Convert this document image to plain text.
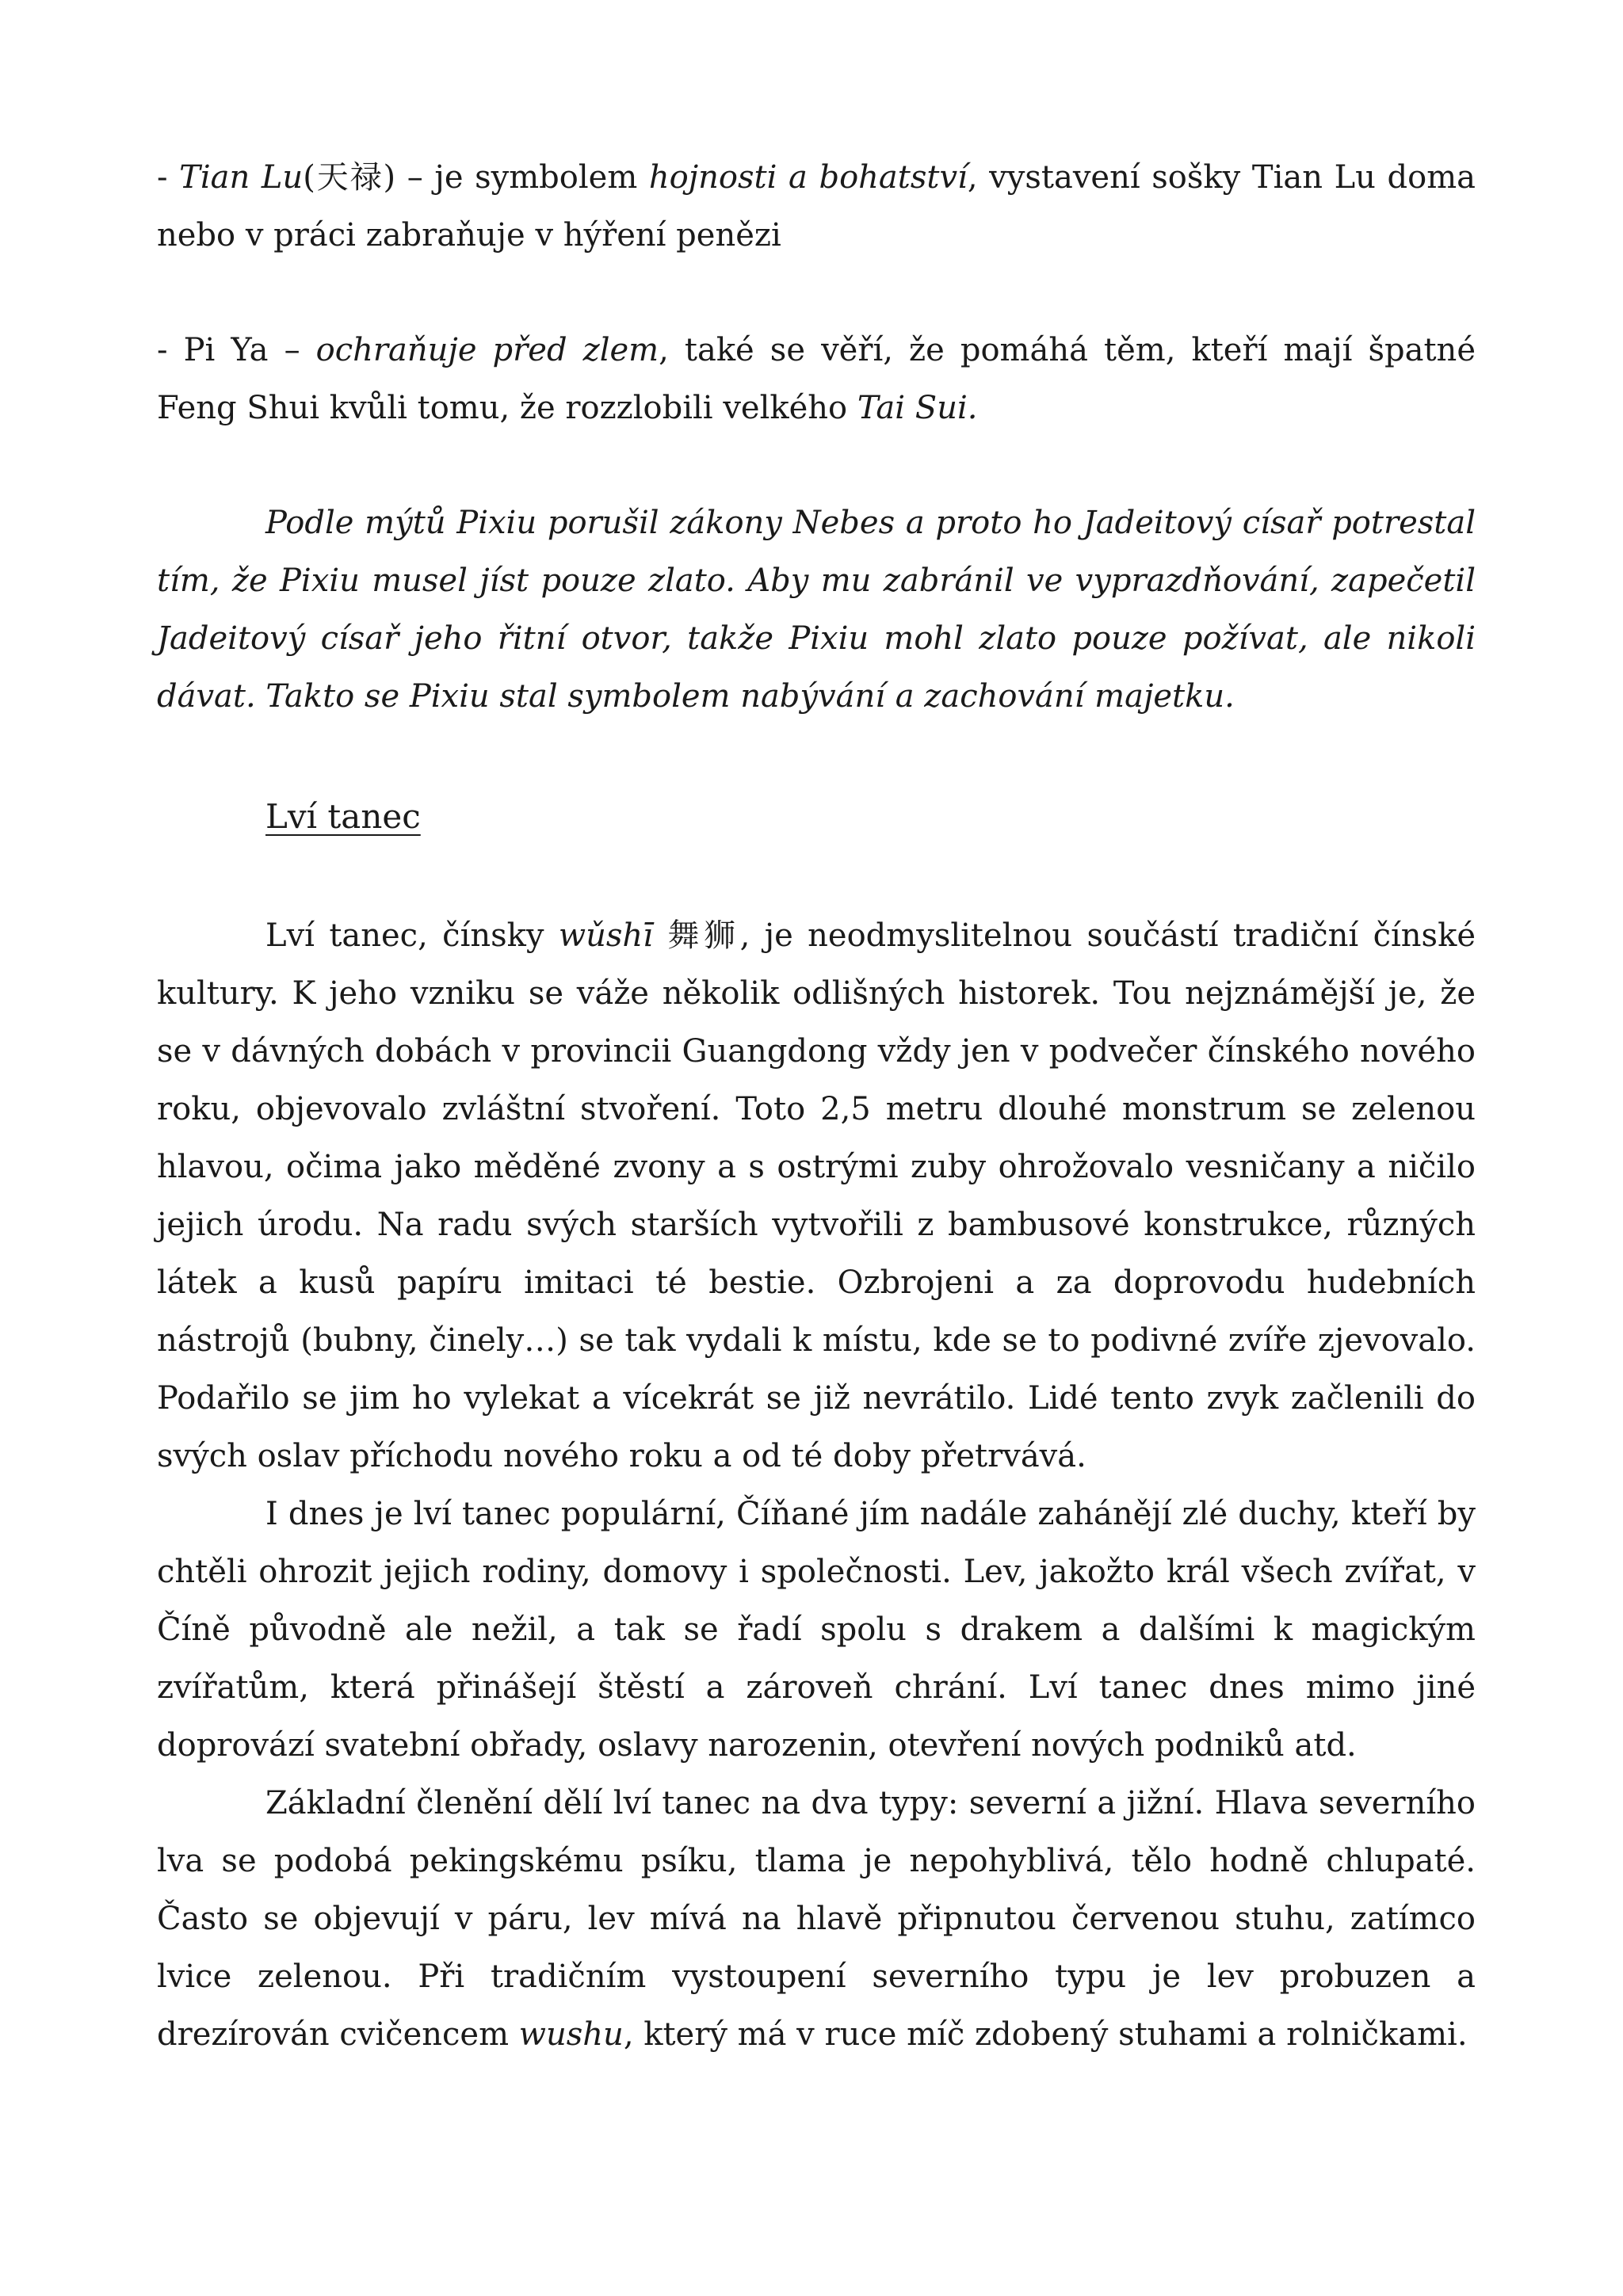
- Tian Lu(天禄) – je symbolem hojnosti a bohatství, vystavení sošky Tian Lu doma nebo v práci zabraňuje v hýření penězi

- Pi Ya – ochraňuje před zlem, také se věří, že pomáhá těm, kteří mají špatné Feng Shui kvůli tomu, že rozzlobili velkého Tai Sui.

Podle mýtů Pixiu porušil zákony Nebes a proto ho Jadeitový císař potrestal tím, že Pixiu musel jíst pouze zlato. Aby mu zabránil ve vyprazdňování, zapečetil Jadeitový císař jeho řitní otvor, takže Pixiu mohl zlato pouze požívat, ale nikoli dávat. Takto se Pixiu stal symbolem nabývání a zachování majetku.

Lví tanec

Lví tanec, čínsky wǔshī 舞狮, je neodmyslitelnou součástí tradiční čínské kultury. K jeho vzniku se váže několik odlišných historek. Tou nejznámější je, že se v dávných dobách v provincii Guangdong vždy jen v podvečer čínského nového roku, objevovalo zvláštní stvoření. Toto 2,5 metru dlouhé monstrum se zelenou hlavou, očima jako měděné zvony a s ostrými zuby ohrožovalo vesničany a ničilo jejich úrodu. Na radu svých starších vytvořili z bambusové konstrukce, různých látek a kusů papíru imitaci té bestie. Ozbrojeni a za doprovodu hudebních nástrojů (bubny, činely…) se tak vydali k místu, kde se to podivné zvíře zjevovalo. Podařilo se jim ho vylekat a vícekrát se již nevrátilo. Lidé tento zvyk začlenili do svých oslav příchodu nového roku a od té doby přetrvává.

I dnes je lví tanec populární, Číňané jím nadále zahánějí zlé duchy, kteří by chtěli ohrozit jejich rodiny, domovy i společnosti. Lev, jakožto král všech zvířat, v Číně původně ale nežil, a tak se řadí spolu s drakem a dalšími k magickým zvířatům, která přinášejí štěstí a zároveň chrání. Lví tanec dnes mimo jiné doprovází svatební obřady, oslavy narozenin, otevření nových podniků atd.

Základní členění dělí lví tanec na dva typy: severní a jižní. Hlava severního lva se podobá pekingskému psíku, tlama je nepohyblivá, tělo hodně chlupaté. Často se objevují v páru, lev mívá na hlavě připnutou červenou stuhu, zatímco lvice zelenou. Při tradičním vystoupení severního typu je lev probuzen a drezírován cvičencem wushu, který má v ruce míč zdobený stuhami a rolničkami.
